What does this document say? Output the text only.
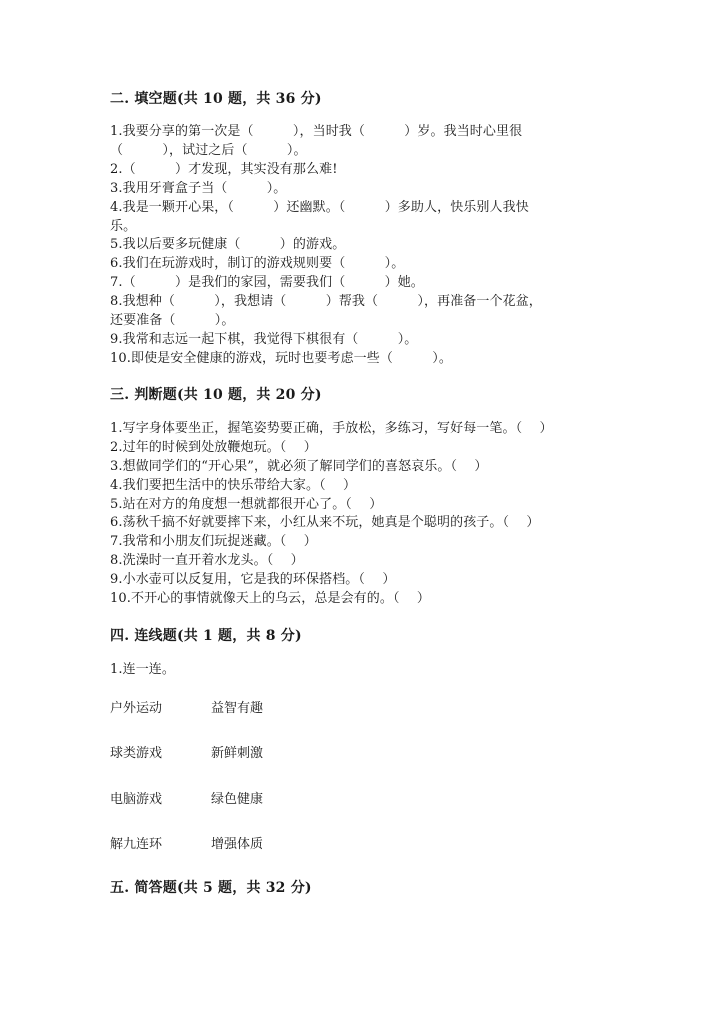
二. 填空题(共 10 题，共 36 分)
1.我要分享的第一次是（　　　），当时我（　　　）岁。我当时心里很
（　　　），试过之后（　　　）。
2.（　　　）才发现，其实没有那么难!
3.我用牙膏盒子当（　　　）。
4.我是一颗开心果，（　　　）还幽默。（　　　）多助人，快乐别人我快
乐。
5.我以后要多玩健康（　　　）的游戏。
6.我们在玩游戏时，制订的游戏规则要（　　　）。
7.（　　　）是我们的家园，需要我们（　　　）她。
8.我想种（　　　），我想请（　　　）帮我（　　　），再准备一个花盆，
还要准备（　　　）。
9.我常和志远一起下棋，我觉得下棋很有（　　　）。
10.即使是安全健康的游戏，玩时也要考虑一些（　　　）。
三. 判断题(共 10 题，共 20 分)
1.写字身体要坐正，握笔姿势要正确，手放松，多练习，写好每一笔。（　 ）
2.过年的时候到处放鞭炮玩。（　 ）
3.想做同学们的“开心果”，就必须了解同学们的喜怒哀乐。（　 ）
4.我们要把生活中的快乐带给大家。（　 ）
5.站在对方的角度想一想就都很开心了。（　 ）
6.荡秋千搞不好就要摔下来，小红从来不玩，她真是个聪明的孩子。（　 ）
7.我常和小朋友们玩捉迷藏。（　 ）
8.洗澡时一直开着水龙头。（　 ）
9.小水壶可以反复用，它是我的环保搭档。（　 ）
10.不开心的事情就像天上的乌云，总是会有的。（　 ）
四. 连线题(共 1 题，共 8 分)
1.连一连。
户外运动	益智有趣
球类游戏	新鲜刺激
电脑游戏	绿色健康
解九连环	增强体质
五. 简答题(共 5 题，共 32 分)
